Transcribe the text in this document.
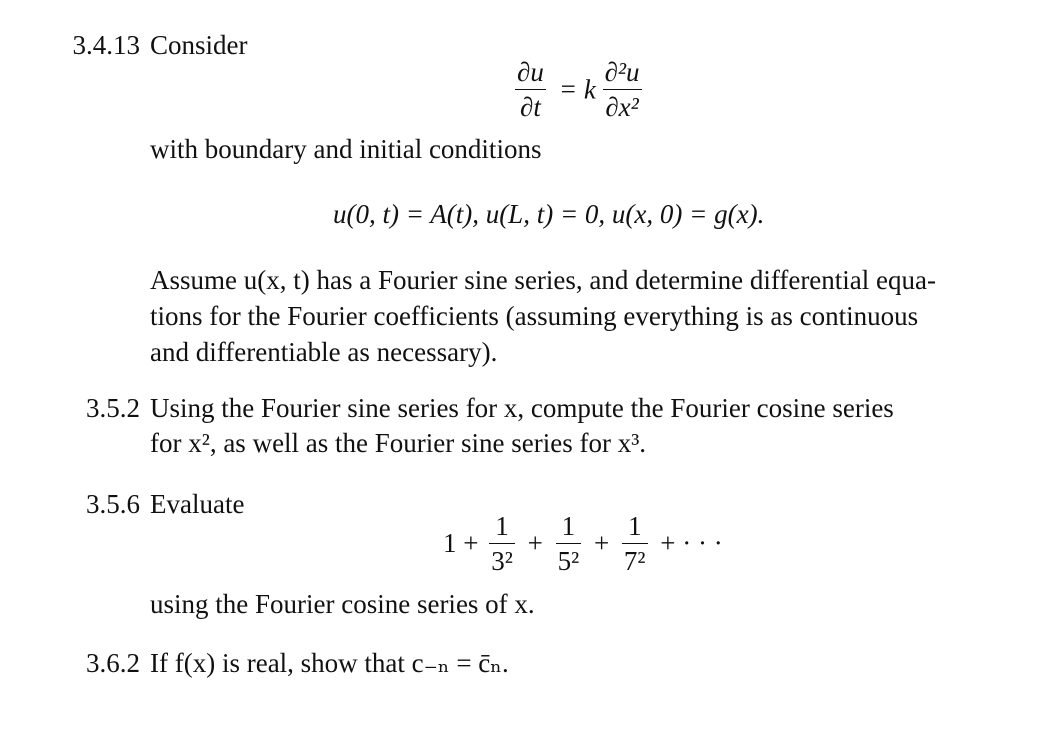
3.4.13 Consider
$\frac{\partial u}{\partial t} = k \frac{\text{∂²u}}{\text{∂x²}}$
with boundary and initial conditions
u(0, t) = A(t), u(L, t) = 0, u(x, 0) = g(x).
Assume u(x, t) has a Fourier sine series, and determine differential equa-
tions for the Fourier coefficients (assuming everything is as continuous
and differentiable as necessary).
3.5.2 Using the Fourier sine series for x, compute the Fourier cosine series
for x², as well as the Fourier sine series for x³.
3.5.6 Evaluate
$1 + \frac{1}{\text{3²}} + \frac{1}{\text{5²}} + \frac{1}{\text{7²}}$ + · · ·
using the Fourier cosine series of x.
3.6.2 If f(x) is real, show that c₋ₙ = c̄ₙ.
